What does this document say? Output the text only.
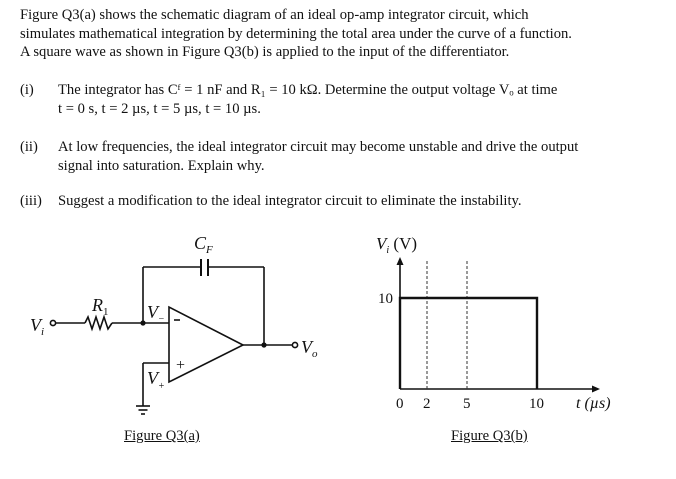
Figure Q3(a) shows the schematic diagram of an ideal op-amp integrator circuit, which
simulates mathematical integration by determining the total area under the curve of a function.
A square wave as shown in Figure Q3(b) is applied to the input of the differentiator.
(i) The integrator has Cᶠ = 1 nF and R₁ = 10 kΩ. Determine the output voltage Vₒ at time
t = 0 s, t = 2 µs, t = 5 µs, t = 10 µs.
(ii) At low frequencies, the ideal integrator circuit may become unstable and drive the output
signal into saturation. Explain why.
(iii) Suggest a modification to the ideal integrator circuit to eliminate the instability.
$C_F$
$R_1$
$V_i$
$V_-$
$V_+$
+
$V_o$
$V_i$ (V)
10
0 2 5	10 t (µs)
Figure Q3(a)	Figure Q3(b)
